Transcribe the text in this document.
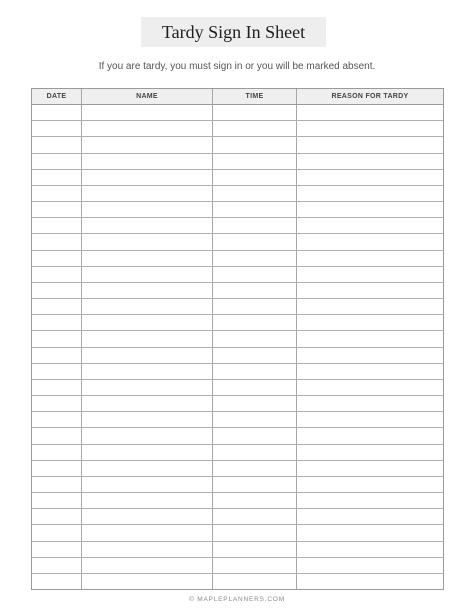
Tardy Sign In Sheet
If you are tardy, you must sign in or you will be marked absent.
DATE	NAME	TIME	REASON FOR TARDY
© MAPLEPLANNERS.COM
